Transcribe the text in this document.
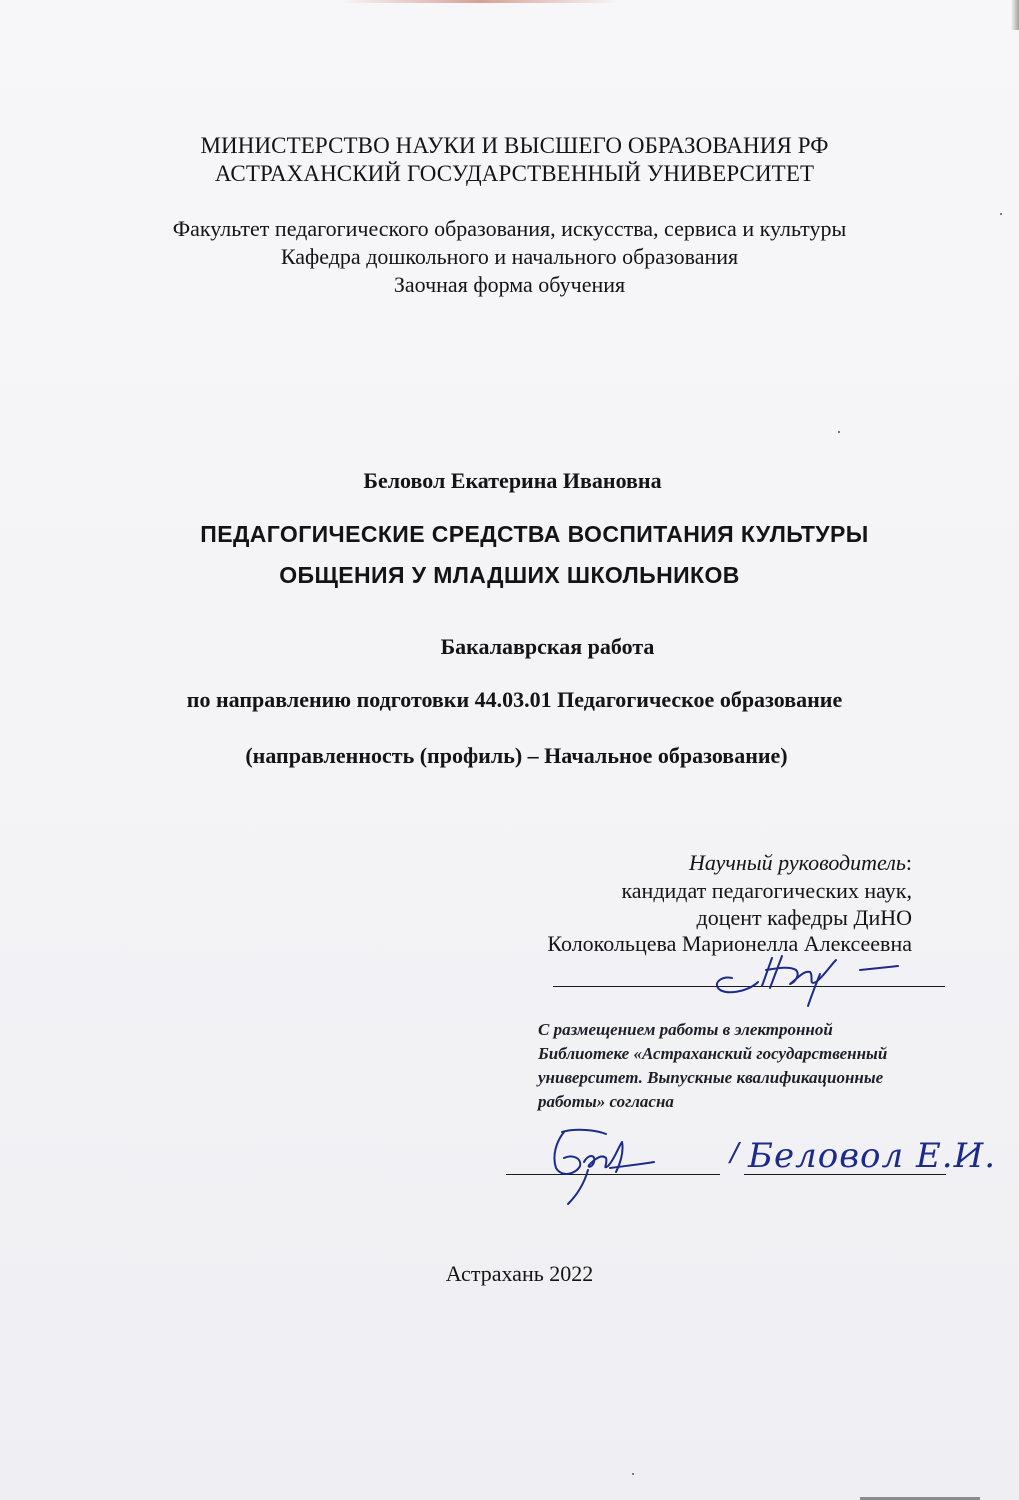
МИНИСТЕРСТВО НАУКИ И ВЫСШЕГО ОБРАЗОВАНИЯ РФ
АСТРАХАНСКИЙ ГОСУДАРСТВЕННЫЙ УНИВЕРСИТЕТ
Факультет педагогического образования, искусства, сервиса и культуры
Кафедра дошкольного и начального образования
Заочная форма обучения
Беловол Екатерина Ивановна
ПЕДАГОГИЧЕСКИЕ СРЕДСТВА ВОСПИТАНИЯ КУЛЬТУРЫ
ОБЩЕНИЯ У МЛАДШИХ ШКОЛЬНИКОВ
Бакалаврская работа
по направлению подготовки 44.03.01 Педагогическое образование
(направленность (профиль) – Начальное образование)
Научный руководитель:
кандидат педагогических наук,
доцент кафедры ДиНО
Колокольцева Марионелла Алексеевна
С размещением работы в электронной
Библиотеке «Астраханский государственный
университет. Выпускные квалификационные
работы» согласна
/ Беловол Е.И.
Астрахань 2022
